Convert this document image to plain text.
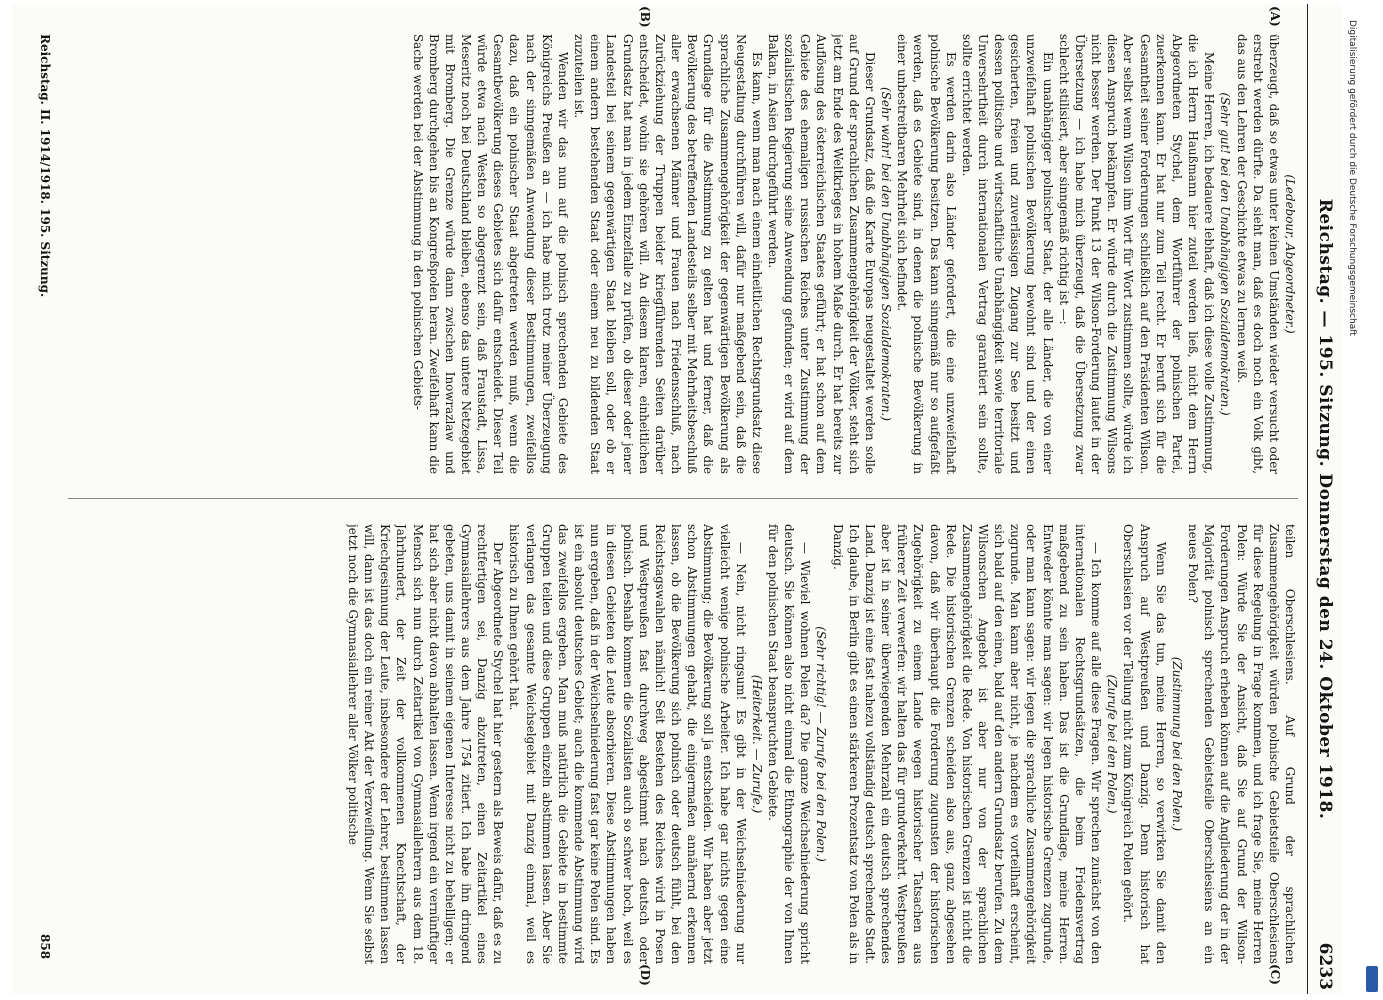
Reichstag. — 195. Sitzung. Donnerstag den 24. Oktober 1918.
6233
(A)
(B)
(C)
(D)

(Ledebour, Abgeordneter.)

überzeugt, daß so etwas unter keinen Umständen wieder versucht oder erstrebt werden dürfte. Da sieht man, daß es doch noch ein Volk gibt, das aus den Lehren der Geschichte etwas zu lernen weiß.

(Sehr gut! bei den Unabhängigen Sozialdemokraten.)

Meine Herren, ich bedauere lebhaft, daß ich diese volle Zustimmung, die ich Herrn Haußmann hier zuteil werden ließ, nicht dem Herrn Abgeordneten Stychel, dem Wortführer der polnischen Partei, zuerkennen kann. Er hat nur zum Teil recht. Er beruft sich für die Gesamtheit seiner Forderungen schließlich auf den Präsidenten Wilson. Aber selbst wenn Wilson ihm Wort für Wort zustimmen sollte, würde ich diesen Anspruch bekämpfen. Er würde durch die Zustimmung Wilsons nicht besser werden. Der Punkt 13 der Wilson-Forderung lautet in der Übersetzung — ich habe mich überzeugt, daß die Übersetzung zwar schlecht stilisiert, aber sinngemäß richtig ist —:

Ein unabhängiger polnischer Staat, der alle Länder, die von einer unzweifelhaft polnischen Bevölkerung bewohnt sind und der einen gesicherten, freien und zuverlässigen Zugang zur See besitzt und dessen politische und wirtschaftliche Unabhängigkeit sowie territoriale Unversehrtheit durch internationalen Vertrag garantiert sein sollte, sollte errichtet werden.

Es werden darin also Länder gefordert, die eine unzweifelhaft polnische Bevölkerung besitzen. Das kann sinngemäß nur so aufgefaßt werden, daß es Gebiete sind, in denen die polnische Bevölkerung in einer unbestreitbaren Mehrheit sich befindet.

(Sehr wahr! bei den Unabhängigen Sozialdemokraten.)

Dieser Grundsatz, daß die Karte Europas neugestaltet werden solle auf Grund der sprachlichen Zusammengehörigkeit der Völker, steht sich jetzt am Ende des Weltkrieges in hohem Maße durch. Er hat bereits zur Auflösung des österreichischen Staates geführt; er hat schon auf dem Gebiete des ehemaligen russischen Reiches unter Zustimmung der sozialistischen Regierung seine Anwendung gefunden; er wird auf dem Balkan, in Asien durchgeführt werden.

Es kann, wenn man nach einem einheitlichen Rechtsgrundsatz diese Neugestaltung durchführen will, dafür nur maßgebend sein, daß die sprachliche Zusammengehörigkeit der gegenwärtigen Bevölkerung als Grundlage für die Abstimmung zu gelten hat und ferner, daß die Bevölkerung des betreffenden Landesteils selber mit Mehrheitsbeschluß aller erwachsenen Männer und Frauen nach Friedensschluß, nach Zurückziehung der Truppen beider kriegführenden Seiten darüber entscheidet, wohin sie gehören will. An diesem klaren, einheitlichen Grundsatz hat man in jedem Einzelfalle zu prüfen, ob dieser oder jener Landesteil bei seinem gegenwärtigen Staat bleiben soll, oder ob er einem andern bestehenden Staat oder einem neu zu bildenden Staat zuzuteilen ist.

Wenden wir das nun auf die polnisch sprechenden Gebiete des Königreichs Preußen an — ich habe mich trotz meiner Überzeugung nach der sinngemäßen Anwendung dieser Bestimmungen, zweifellos dazu, daß ein polnischer Staat abgetreten werden muß, wenn die Gesamtbevölkerung dieses Gebietes sich dafür entscheidet. Dieser Teil würde etwa nach Westen so abgegrenzt sein, daß Fraustadt, Lissa, Meseritz noch bei Deutschland bleiben, ebenso das untere Netzegebiet mit Bromberg. Die Grenze würde dann zwischen Inowrazlaw und Bromberg durchgehen bis an Kongreßpolen heran. Zweifelhaft kann die Sache werden bei der Abstimmung in den polnischen Gebiets-

teilen Oberschlesiens. Auf Grund der sprachlichen Zusammengehörigkeit würden polnische Gebietsteile Oberschlesiens für diese Regelung in Frage kommen, und ich frage Sie, meine Herren Polen: Würde Sie der Ansicht, daß Sie auf Grund der Wilson-Forderungen Anspruch erheben können auf die Angliederung der in der Majorität polnisch sprechenden Gebietsteile Oberschlesiens an ein neues Polen?

(Zustimmung bei den Polen.)

Wenn Sie das tun, meine Herren, so verwirken Sie damit den Anspruch auf Westpreußen und Danzig. Denn historisch hat Oberschlesien vor der Teilung nicht zum Königreich Polen gehört.

(Zurufe bei den Polen.)

— Ich komme auf alle diese Fragen. Wir sprechen zunächst von den internationalen Rechtsgrundsätzen, die beim Friedensvertrag maßgebend zu sein haben. Das ist die Grundlage, meine Herren. Entweder könnte man sagen: wir legen historische Grenzen zugrunde, oder man kann sagen: wir legen die sprachliche Zusammengehörigkeit zugrunde. Man kann aber nicht, je nachdem es vorteilhaft erscheint, sich bald auf den einen, bald auf den andern Grundsatz berufen. Zu dem Wilsonschen Angebot ist aber nur von der sprachlichen Zusammengehörigkeit die Rede. Von historischen Grenzen ist nicht die Rede. Die historischen Grenzen scheiden also aus, ganz abgesehen davon, daß wir überhaupt die Forderung zugunsten der historischen Zugehörigkeit zu einem Lande wegen historischer Tatsachen aus früherer Zeit verwerfen: wir halten das für grundverkehrt. Westpreußen aber ist in seiner überwiegenden Mehrzahl ein deutsch sprechendes Land. Danzig ist eine fast nahezu vollständig deutsch sprechende Stadt. Ich glaube, in Berlin gibt es einen stärkeren Prozentsatz von Polen als in Danzig.

(Sehr richtig! — Zurufe bei den Polen.)

— Wieviel wohnen Polen da? Die ganze Weichselniederung spricht deutsch. Sie können also nicht einmal die Ethnographie der von Ihnen für den polnischen Staat beanspruchten Gebiete.

(Heiterkeit. — Zurufe.)

— Nein, nicht ringsum! Es gibt in der Weichselniederung nur vielleicht wenige polnische Arbeiter. Ich habe gar nichts gegen eine Abstimmung; die Bevölkerung soll ja entscheiden. Wir haben aber jetzt schon Abstimmungen gehabt, die einigermaßen annähernd erkennen lassen, ob die Bevölkerung sich polnisch oder deutsch fühlt, bei den Reichstagswahlen nämlich! Seit Bestehen des Reiches wird in Posen und Westpreußen fast durchweg abgestimmt nach deutsch oder polnisch. Deshalb kommen die Sozialisten auch so schwer hoch, weil es in diesen Gebieten die Leute absorbieren. Diese Abstimmungen haben nun ergeben, daß in der Weichselniederung fast gar keine Polen sind. Es ist ein absolut deutsches Gebiet; auch die kommende Abstimmung wird das zweifellos ergeben. Man muß natürlich die Gebiete in bestimmte Gruppen teilen und diese Gruppen einzeln abstimmen lassen. Aber Sie verlangen das gesamte Weichselgebiet mit Danzig einmal, weil es historisch zu Ihnen gehört hat.

Der Abgeordnete Stychel hat hier gestern als Beweis dafür, daß es zu rechtfertigen sei, Danzig abzutreten, einen Zeitartikel eines Gymnasiallehrers aus dem Jahre 1754 zitiert. Ich habe ihn dringend gebeten, uns damit in seinem eigenen Interesse nicht zu behelligen; er hat sich aber nicht davon abhalten lassen. Wenn irgend ein vernünftiger Mensch sich nun durch Zeitartikel von Gymnasiallehrern aus dem 18. Jahrhundert, der Zeit der vollkommenen Knechtschaft, der Kriechgesinnung der Leute, insbesondere der Lehrer, bestimmen lassen will, dann ist das doch ein reiner Akt der Verzweiflung. Wenn Sie selbst jetzt noch die Gymnasiallehrer aller Völker politische

Reichstag. II. 1914/1918. 195. Sitzung.
858
Digitalisierung gefördert durch die Deutsche Forschungsgemeinschaft
